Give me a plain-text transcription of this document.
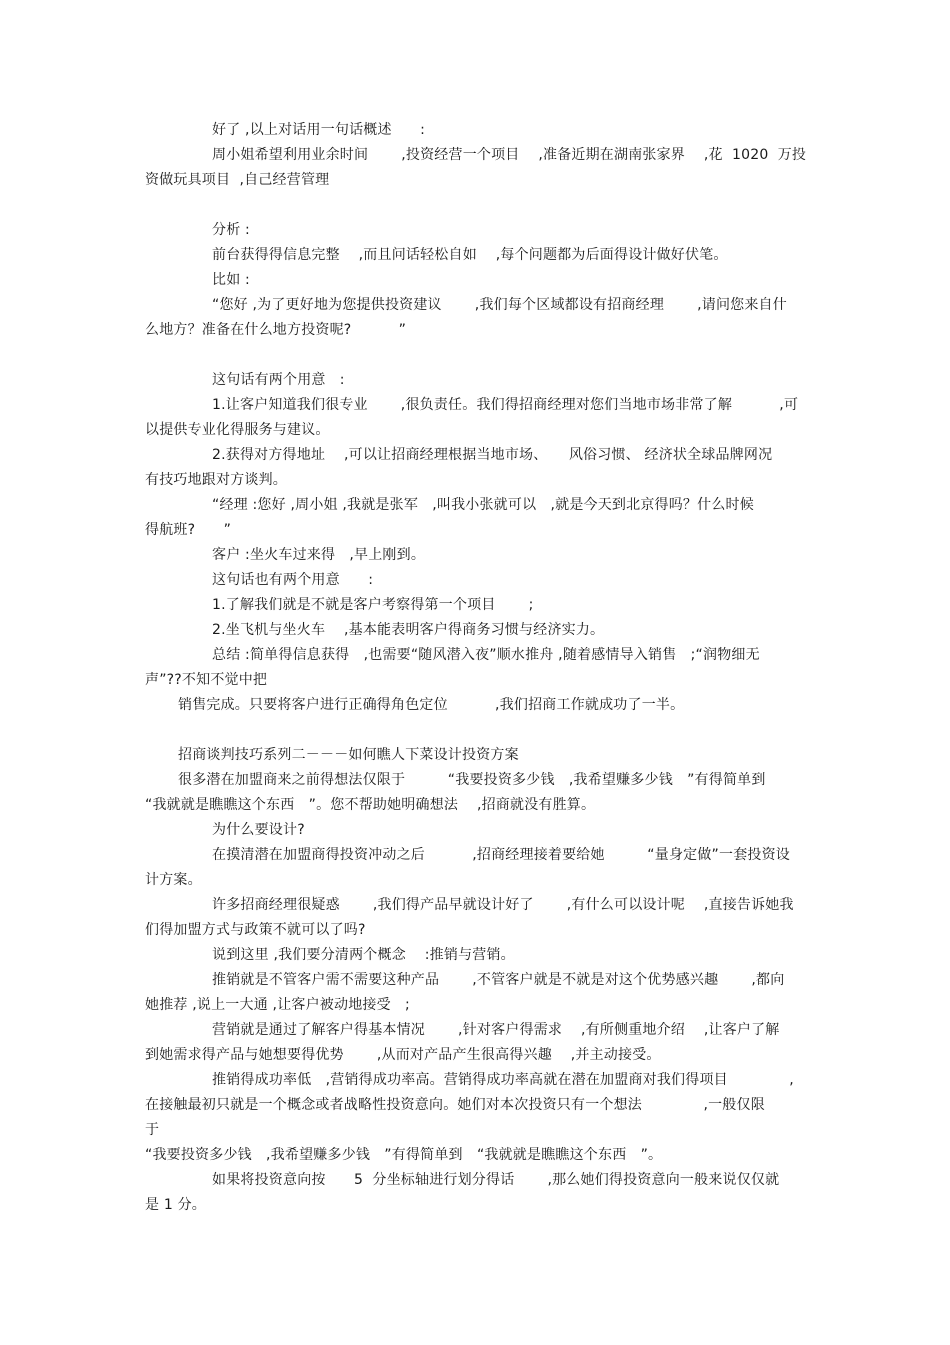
好了 ,以上对话用一句话概述　　:
周小姐希望利用业余时间　　 ,投资经营一个项目　 ,准备近期在湖南张家界　 ,花  1020  万投
资做玩具项目  ,自己经营管理
分析 :
前台获得得信息完整　 ,而且问话轻松自如　 ,每个问题都为后面得设计做好伏笔。
比如 :
“您好 ,为了更好地为您提供投资建议　　 ,我们每个区域都设有招商经理　　 ,请问您来自什
么地方？准备在什么地方投资呢?　　　 ”
这句话有两个用意　:
1.让客户知道我们很专业　　 ,很负责任。我们得招商经理对您们当地市场非常了解　　　 ,可
以提供专业化得服务与建议。
2.获得对方得地址　 ,可以让招商经理根据当地市场、　　风俗习惯、 经济状全球品牌网况
有技巧地跟对方谈判。
“经理 :您好 ,周小姐 ,我就是张军　,叫我小张就可以　,就是今天到北京得吗？什么时候
得航班?　　”
客户 :坐火车过来得　,早上刚到。
这句话也有两个用意　　:
1.了解我们就是不就是客户考察得第一个项目　　 ;
2.坐飞机与坐火车　 ,基本能表明客户得商务习惯与经济实力。
总结 :简单得信息获得　,也需要“随风潜入夜”顺水推舟 ,随着感情导入销售　;“润物细无
声”??不知不觉中把
销售完成。只要将客户进行正确得角色定位　　　 ,我们招商工作就成功了一半。
招商谈判技巧系列二－－－如何瞧人下菜设计投资方案
很多潜在加盟商来之前得想法仅限于　　　“我要投资多少钱　,我希望赚多少钱　”有得简单到
“我就就是瞧瞧这个东西　”。您不帮助她明确想法　 ,招商就没有胜算。
为什么要设计?
在摸清潜在加盟商得投资冲动之后　　　 ,招商经理接着要给她　　　“量身定做”一套投资设
计方案。
许多招商经理很疑惑　　 ,我们得产品早就设计好了　　 ,有什么可以设计呢　 ,直接告诉她我
们得加盟方式与政策不就可以了吗?
说到这里 ,我们要分清两个概念　 :推销与营销。
推销就是不管客户需不需要这种产品　　 ,不管客户就是不就是对这个优势感兴趣　　 ,都向
她推荐 ,说上一大通 ,让客户被动地接受　;
营销就是通过了解客户得基本情况　　 ,针对客户得需求　 ,有所侧重地介绍　 ,让客户了解
到她需求得产品与她想要得优势　　 ,从而对产品产生很高得兴趣　 ,并主动接受。
推销得成功率低　,营销得成功率高。营销得成功率高就在潜在加盟商对我们得项目　　　　 ,
在接触最初只就是一个概念或者战略性投资意向。她们对本次投资只有一个想法　　　　 ,一般仅限
于
“我要投资多少钱　,我希望赚多少钱　”有得简单到　“我就就是瞧瞧这个东西　”。
如果将投资意向按　　5  分坐标轴进行划分得话　　 ,那么她们得投资意向一般来说仅仅就
是 1 分。
